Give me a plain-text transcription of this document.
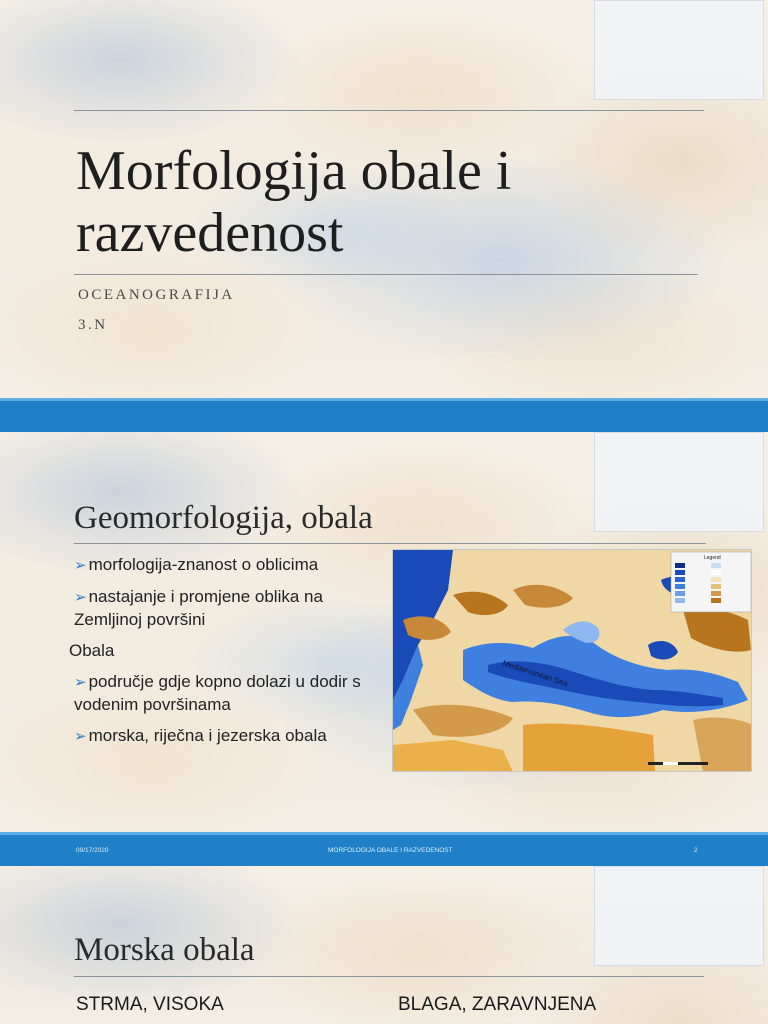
Morfologija obale i razvedenost
OCEANOGRAFIJA
3.N
Geomorfologija, obala
➢ morfologija-znanost o oblicima
➢ nastajanje i promjene oblika na Zemljinoj površini
Obala
➢ područje gdje kopno dolazi u dodir s vodenim površinama
➢ morska, riječna i jezerska obala
Legend
Mediterranean Sea
09/17/2020	MORFOLOGIJA OBALE I RAZVEDENOST	2
Morska obala
STRMA, VISOKA	BLAGA, ZARAVNJENA
